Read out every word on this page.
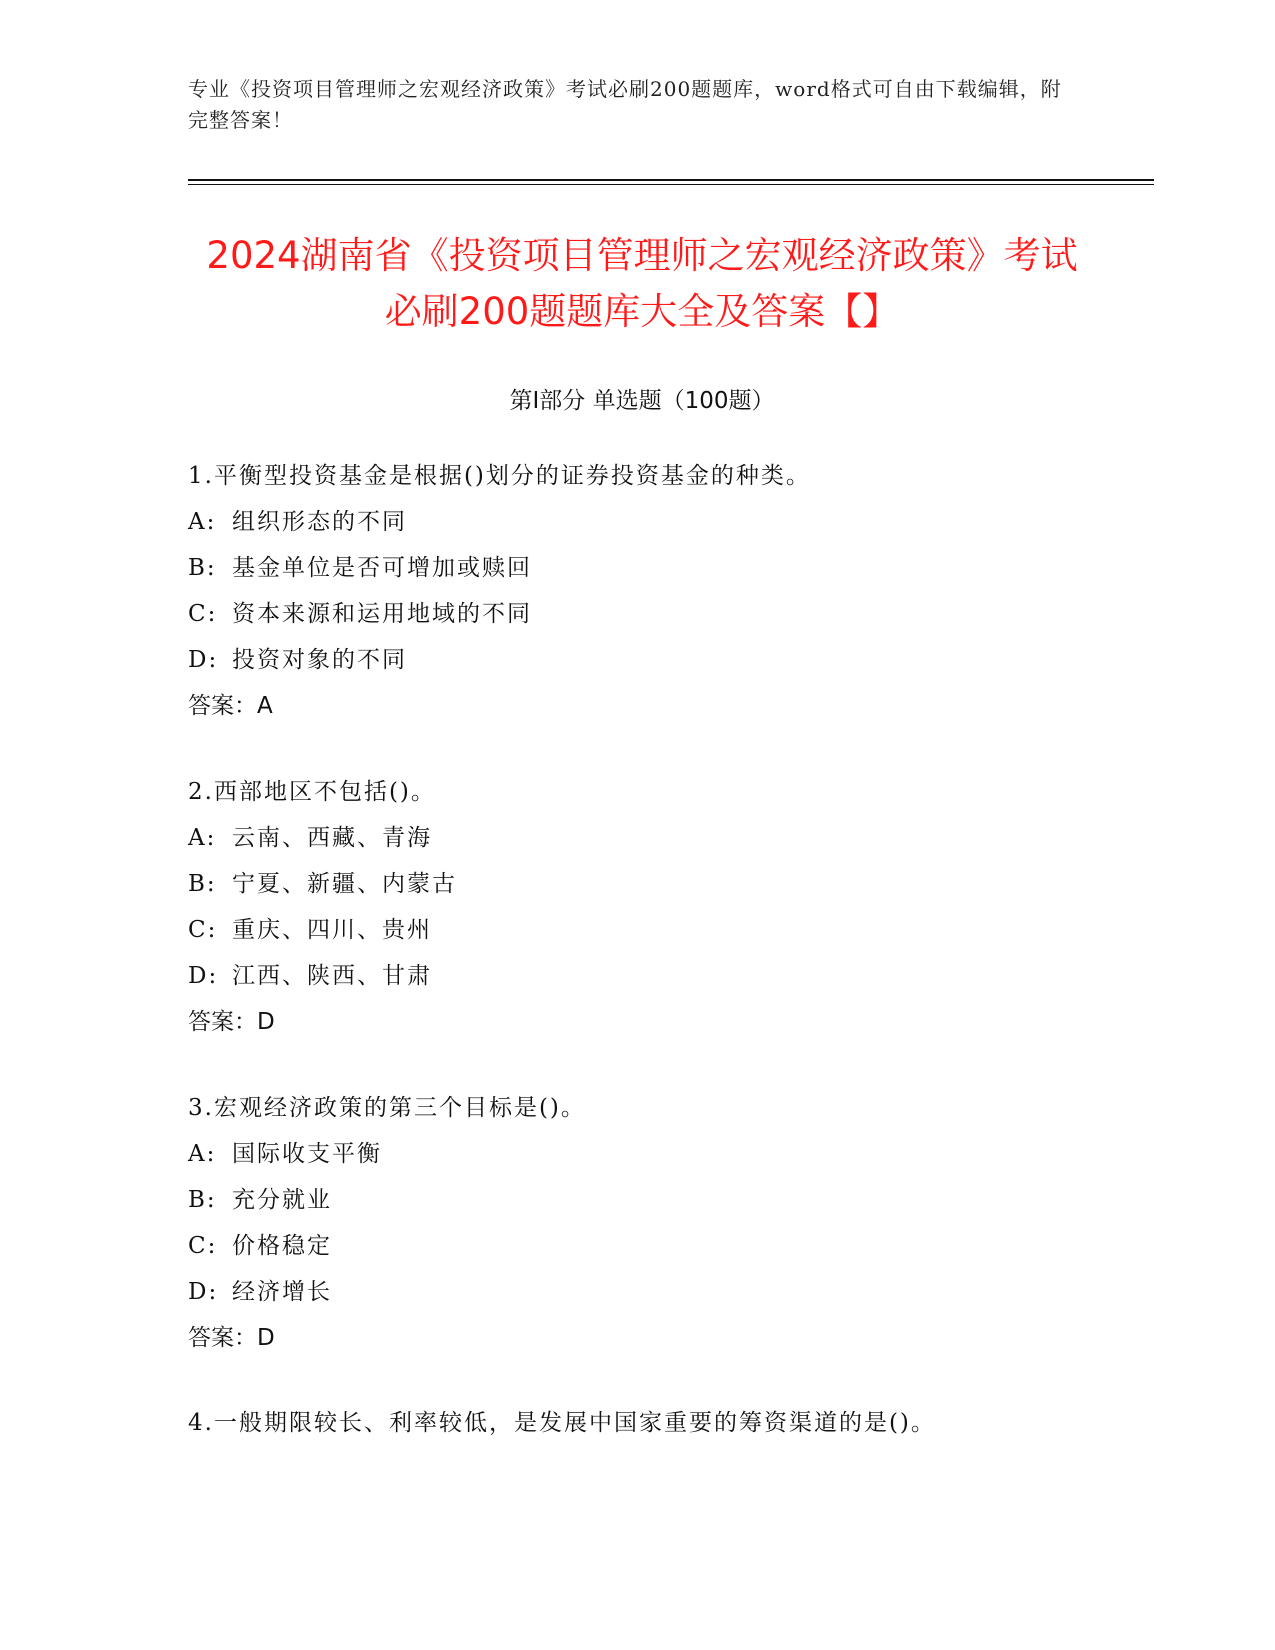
专业《投资项目管理师之宏观经济政策》考试必刷200题题库，word格式可自由下载编辑，附完整答案！
2024湖南省《投资项目管理师之宏观经济政策》考试必刷200题题库大全及答案【】
第I部分 单选题（100题）
1.平衡型投资基金是根据()划分的证券投资基金的种类。
A: 组织形态的不同
B: 基金单位是否可增加或赎回
C: 资本来源和运用地域的不同
D: 投资对象的不同
答案：A
2.西部地区不包括()。
A: 云南、西藏、青海
B: 宁夏、新疆、内蒙古
C: 重庆、四川、贵州
D: 江西、陕西、甘肃
答案：D
3.宏观经济政策的第三个目标是()。
A: 国际收支平衡
B: 充分就业
C: 价格稳定
D: 经济增长
答案：D
4.一般期限较长、利率较低，是发展中国家重要的筹资渠道的是()。
